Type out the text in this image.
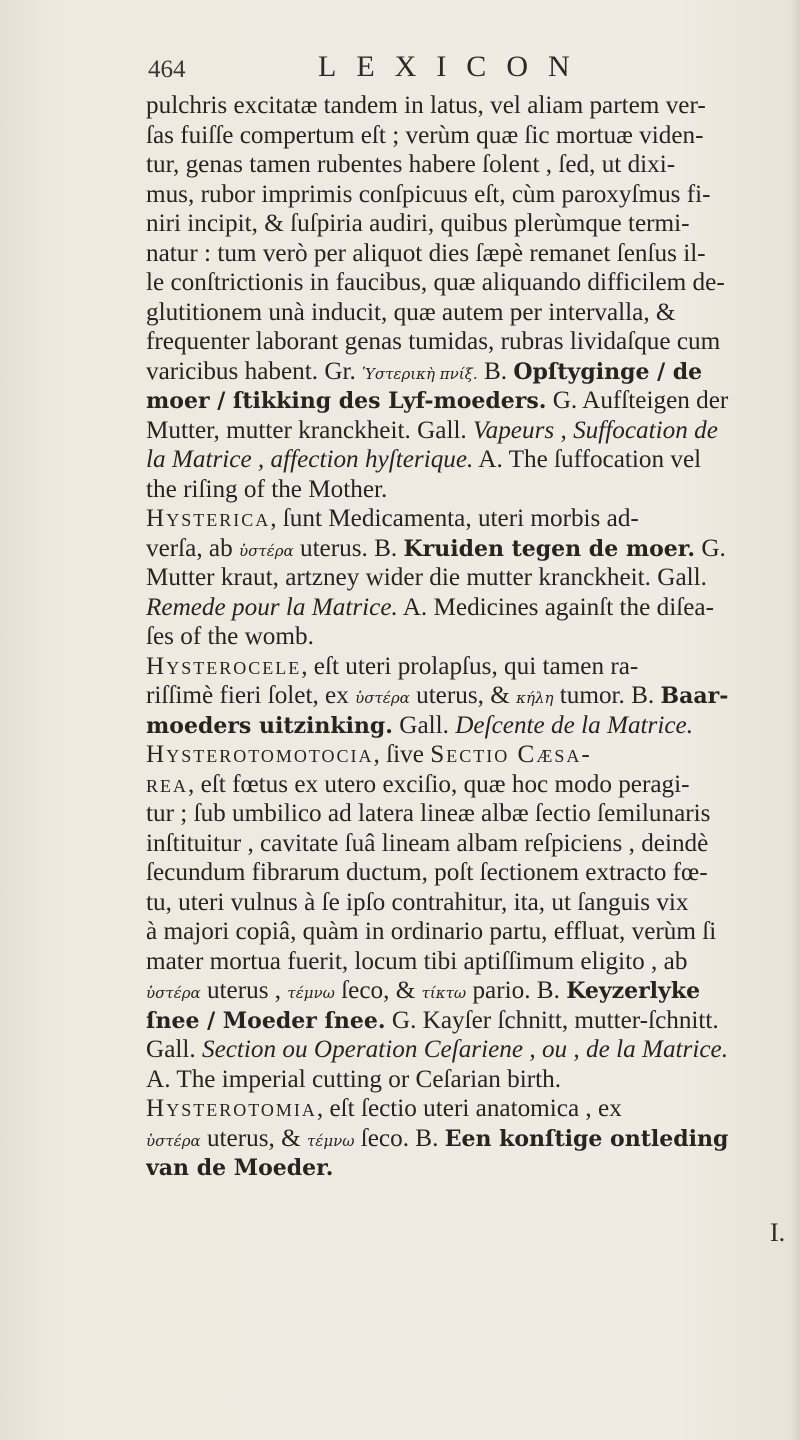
464	LEXICON
pulchris excitatæ tandem in latus, vel aliam partem ver-
ſas fuiſſe compertum eſt ; verùm quæ ſic mortuæ viden-
tur, genas tamen rubentes habere ſolent , ſed, ut dixi-
mus, rubor imprimis conſpicuus eſt, cùm paroxyſmus fi-
niri incipit, & ſuſpiria audiri, quibus plerùmque termi-
natur : tum verò per aliquot dies ſæpè remanet ſenſus il-
le conſtrictionis in faucibus, quæ aliquando difficilem de-
glutitionem unà inducit, quæ autem per intervalla, &
frequenter laborant genas tumidas, rubras lividaſque cum
varicibus habent. Gr. Ὑστερικὴ πνίξ. B. Opſtyginge / de
moer / ſtikking des Lyf-moeders. G. Aufſteigen der
Mutter, mutter kranckheit. Gall. Vapeurs , Suffocation de
la Matrice , affection hyſterique. A. The ſuffocation vel
the riſing of the Mother.
Hysterica, ſunt Medicamenta, uteri morbis ad-
verſa, ab ὑστέρα uterus. B. Kruiden tegen de moer. G.
Mutter kraut, artzney wider die mutter kranckheit. Gall.
Remede pour la Matrice. A. Medicines againſt the diſea-
ſes of the womb.
Hysterocele, eſt uteri prolapſus, qui tamen ra-
riſſimè fieri ſolet, ex ὑστέρα uterus, & κήλη tumor. B. Baar-
moeders uitzinking. Gall. Deſcente de la Matrice.
Hysterotomotocia, ſive Sectio Cæsa-
rea, eſt fœtus ex utero exciſio, quæ hoc modo peragi-
tur ; ſub umbilico ad latera lineæ albæ ſectio ſemilunaris
inſtituitur , cavitate ſuâ lineam albam reſpiciens , deindè
ſecundum fibrarum ductum, poſt ſectionem extracto fœ-
tu, uteri vulnus à ſe ipſo contrahitur, ita, ut ſanguis vix
à majori copiâ, quàm in ordinario partu, effluat, verùm ſi
mater mortua fuerit, locum tibi aptiſſimum eligito , ab
ὑστέρα uterus , τέμνω ſeco, & τίκτω pario. B. Keyzerlyke
ſnee / Moeder ſnee. G. Kayſer ſchnitt, mutter-ſchnitt.
Gall. Section ou Operation Ceſariene , ou , de la Matrice.
A. The imperial cutting or Ceſarian birth.
Hysterotomia, eſt ſectio uteri anatomica , ex
ὑστέρα uterus, & τέμνω ſeco. B. Een konſtige ontleding
van de Moeder.
I.
